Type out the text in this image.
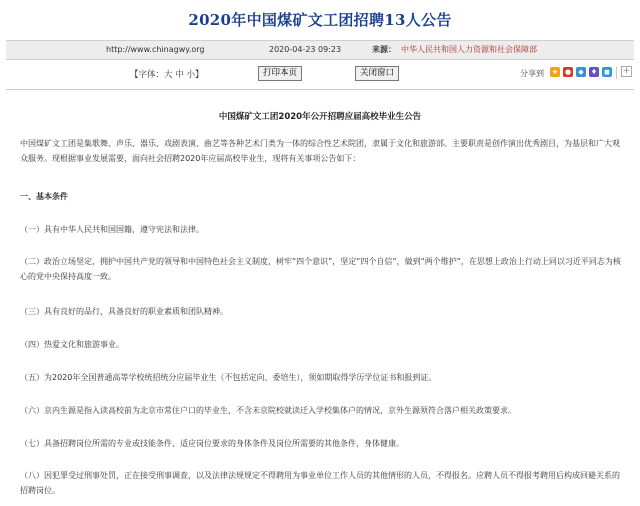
2020年中国煤矿文工团招聘13人公告
http://www.chinagwy.org	2020-04-23 09:23	来源： 中华人民共和国人力资源和社会保障部
【字体：大 中 小】	打印本页	关闭窗口	分享到 ★ ●	◆	♦ ◼ +
中国煤矿文工团2020年公开招聘应届高校毕业生公告

中国煤矿文工团是集歌舞、声乐、器乐、戏剧表演、曲艺等各种艺术门类为一体的综合性艺术院团，隶属于文化和旅游部。主要职责是创作演出优秀剧目，为基层和广大观众服务。现根据事业发展需要，面向社会招聘2020年应届高校毕业生，现将有关事项公告如下：

一、基本条件

（一）具有中华人民共和国国籍，遵守宪法和法律。

（二）政治立场坚定，拥护中国共产党的领导和中国特色社会主义制度，树牢“四个意识”，坚定“四个自信”，做到“两个维护”，在思想上政治上行动上同以习近平同志为核心的党中央保持高度一致。

（三）具有良好的品行，具备良好的职业素质和团队精神。

（四）热爱文化和旅游事业。

（五）为2020年全国普通高等学校统招统分应届毕业生（不包括定向、委培生），须如期取得学历学位证书和报到证。

（六）京内生源是指入读高校前为北京市常住户口的毕业生，不含未京院校就读迁入学校集体户的情况，京外生源须符合落户相关政策要求。

（七）具备招聘岗位所需的专业或技能条件、适应岗位要求的身体条件及岗位所需要的其他条件，身体健康。

（八）因犯罪受过刑事处罚，正在接受刑事调查，以及法律法规规定不得聘用为事业单位工作人员的其他情形的人员，不得报名。应聘人员不得报考聘用后构成回避关系的招聘岗位。
